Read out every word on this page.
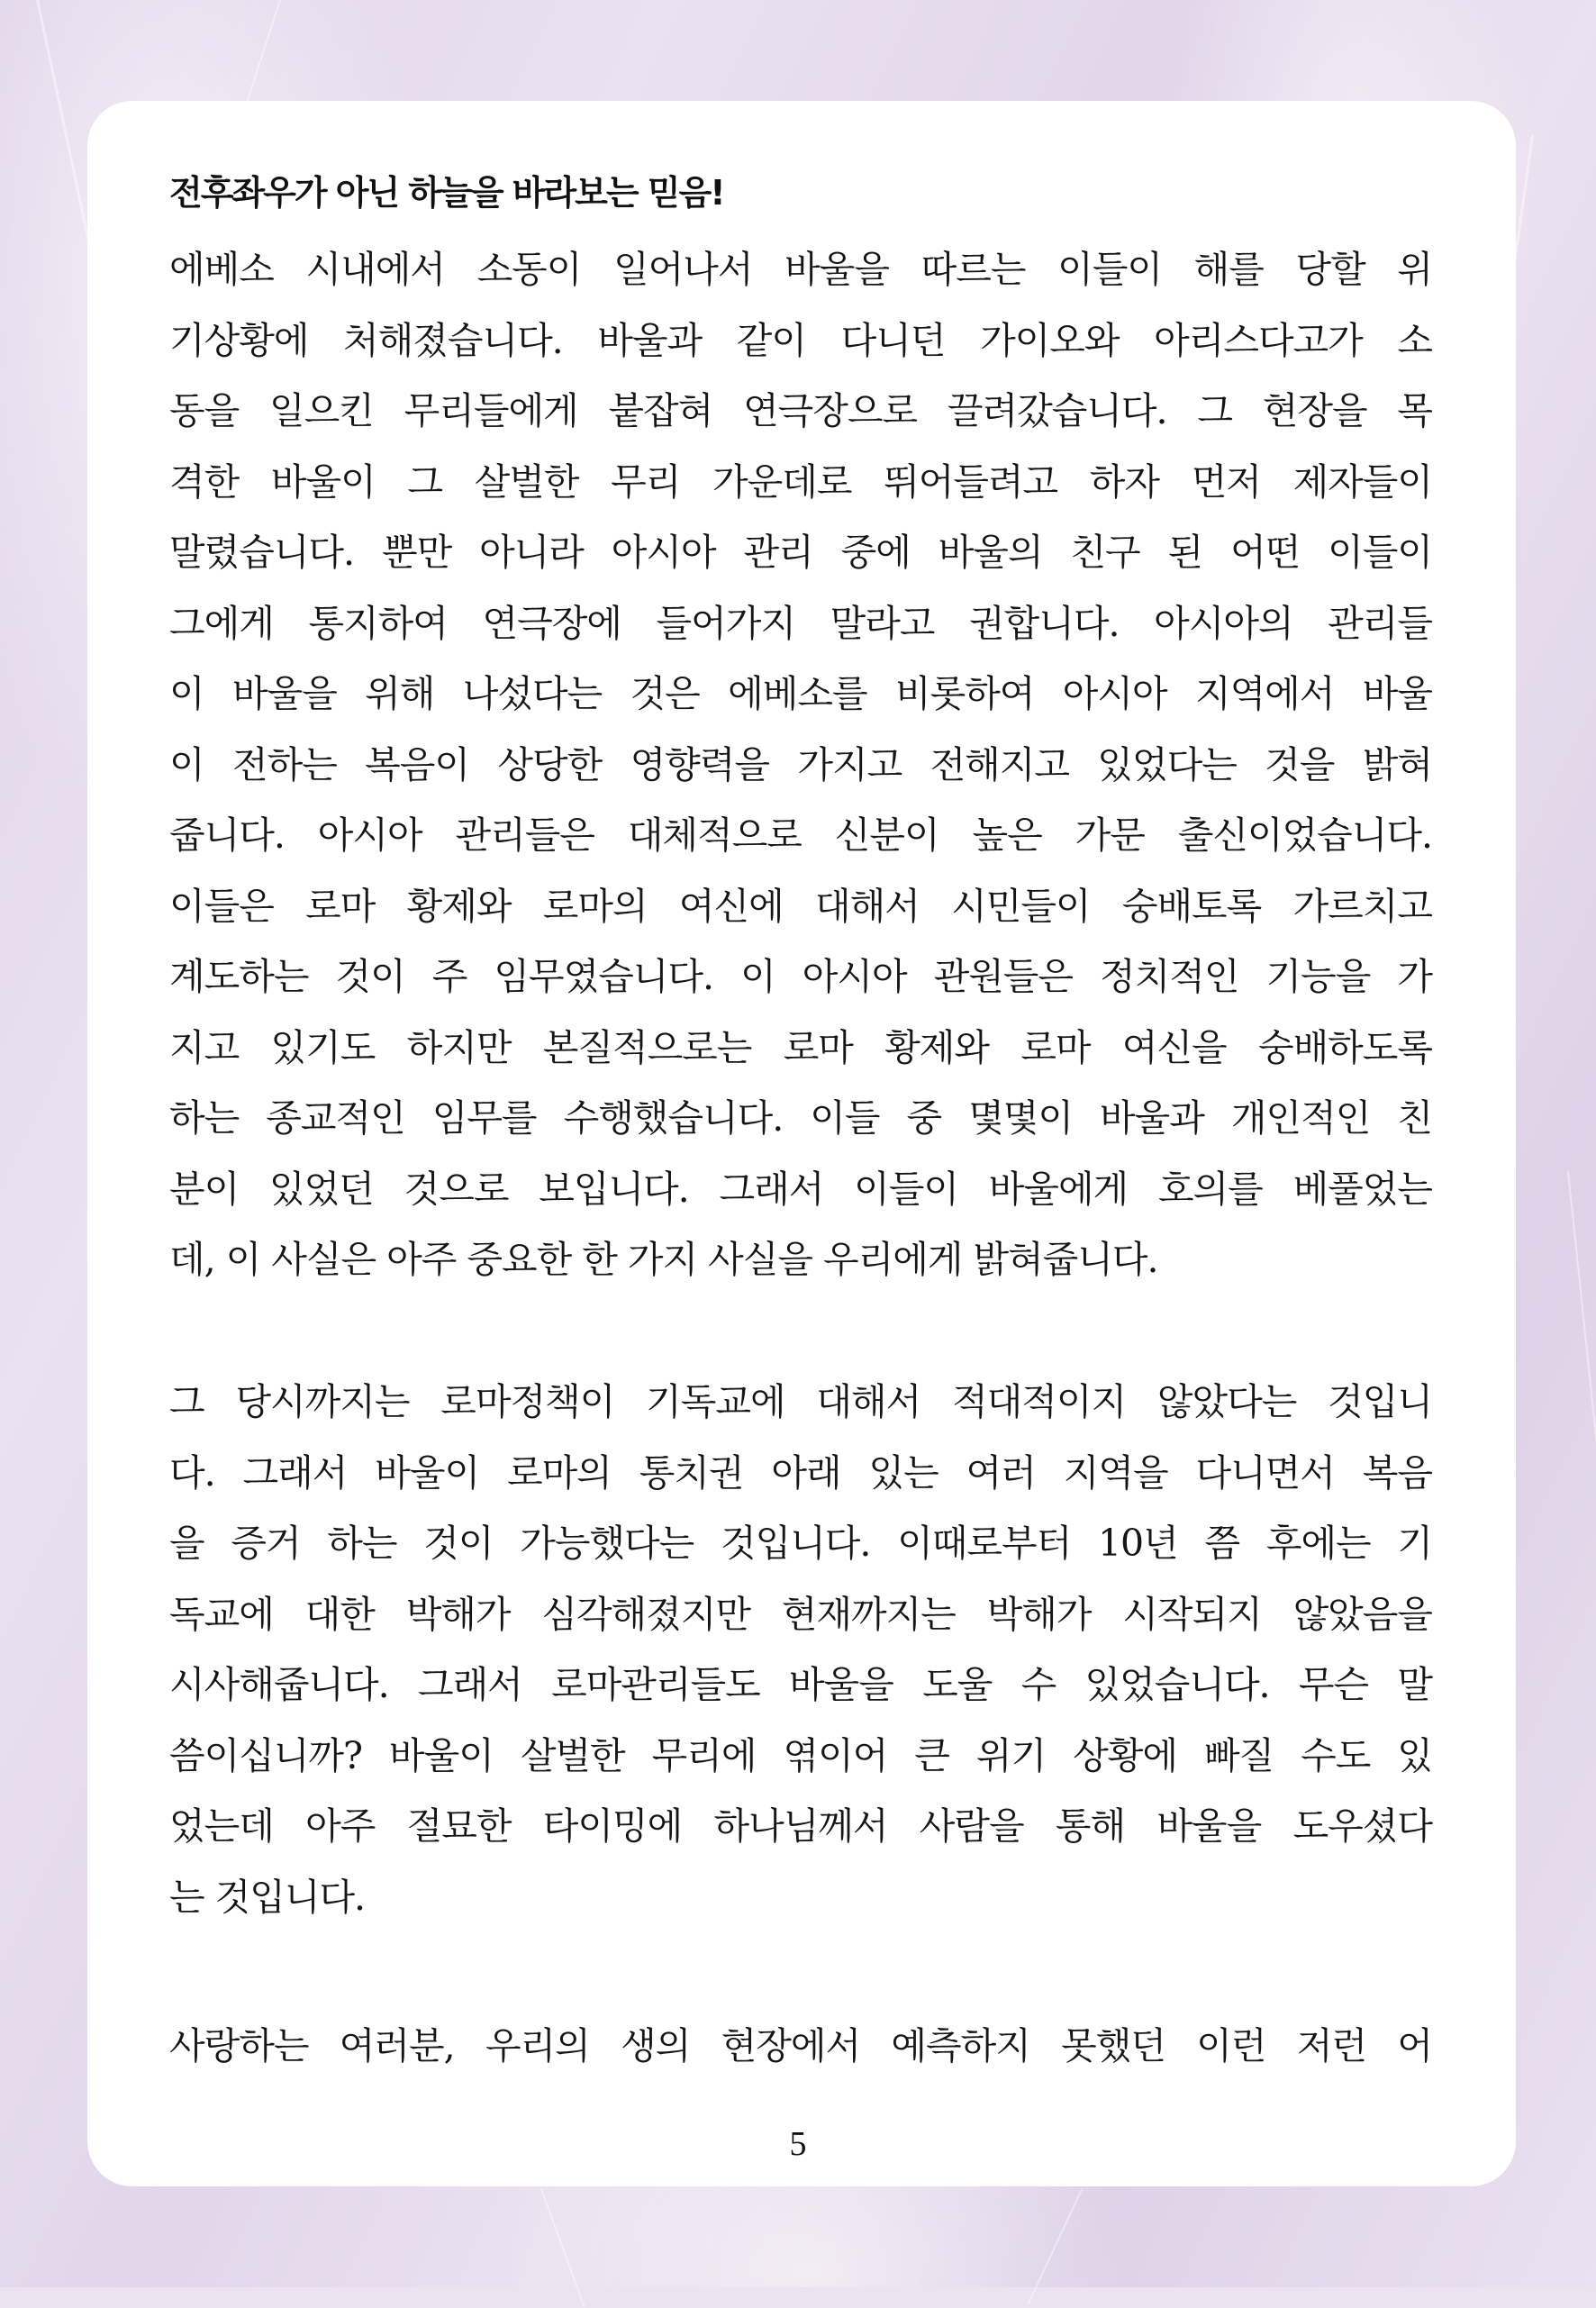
전후좌우가 아닌 하늘을 바라보는 믿음!
에베소 시내에서 소동이 일어나서 바울을 따르는 이들이 해를 당할 위
기상황에 처해졌습니다. 바울과 같이 다니던 가이오와 아리스다고가 소
동을 일으킨 무리들에게 붙잡혀 연극장으로 끌려갔습니다. 그 현장을 목
격한 바울이 그 살벌한 무리 가운데로 뛰어들려고 하자 먼저 제자들이
말렸습니다. 뿐만 아니라 아시아 관리 중에 바울의 친구 된 어떤 이들이
그에게 통지하여 연극장에 들어가지 말라고 권합니다. 아시아의 관리들
이 바울을 위해 나섰다는 것은 에베소를 비롯하여 아시아 지역에서 바울
이 전하는 복음이 상당한 영향력을 가지고 전해지고 있었다는 것을 밝혀
줍니다. 아시아 관리들은 대체적으로 신분이 높은 가문 출신이었습니다.
이들은 로마 황제와 로마의 여신에 대해서 시민들이 숭배토록 가르치고
계도하는 것이 주 임무였습니다. 이 아시아 관원들은 정치적인 기능을 가
지고 있기도 하지만 본질적으로는 로마 황제와 로마 여신을 숭배하도록
하는 종교적인 임무를 수행했습니다. 이들 중 몇몇이 바울과 개인적인 친
분이 있었던 것으로 보입니다. 그래서 이들이 바울에게 호의를 베풀었는
데, 이 사실은 아주 중요한 한 가지 사실을 우리에게 밝혀줍니다.
그 당시까지는 로마정책이 기독교에 대해서 적대적이지 않았다는 것입니
다. 그래서 바울이 로마의 통치권 아래 있는 여러 지역을 다니면서 복음
을 증거 하는 것이 가능했다는 것입니다. 이때로부터 10년 쯤 후에는 기
독교에 대한 박해가 심각해졌지만 현재까지는 박해가 시작되지 않았음을
시사해줍니다. 그래서 로마관리들도 바울을 도울 수 있었습니다. 무슨 말
씀이십니까? 바울이 살벌한 무리에 엮이어 큰 위기 상황에 빠질 수도 있
었는데 아주 절묘한 타이밍에 하나님께서 사람을 통해 바울을 도우셨다
는 것입니다.
사랑하는 여러분, 우리의 생의 현장에서 예측하지 못했던 이런 저런 어
5
